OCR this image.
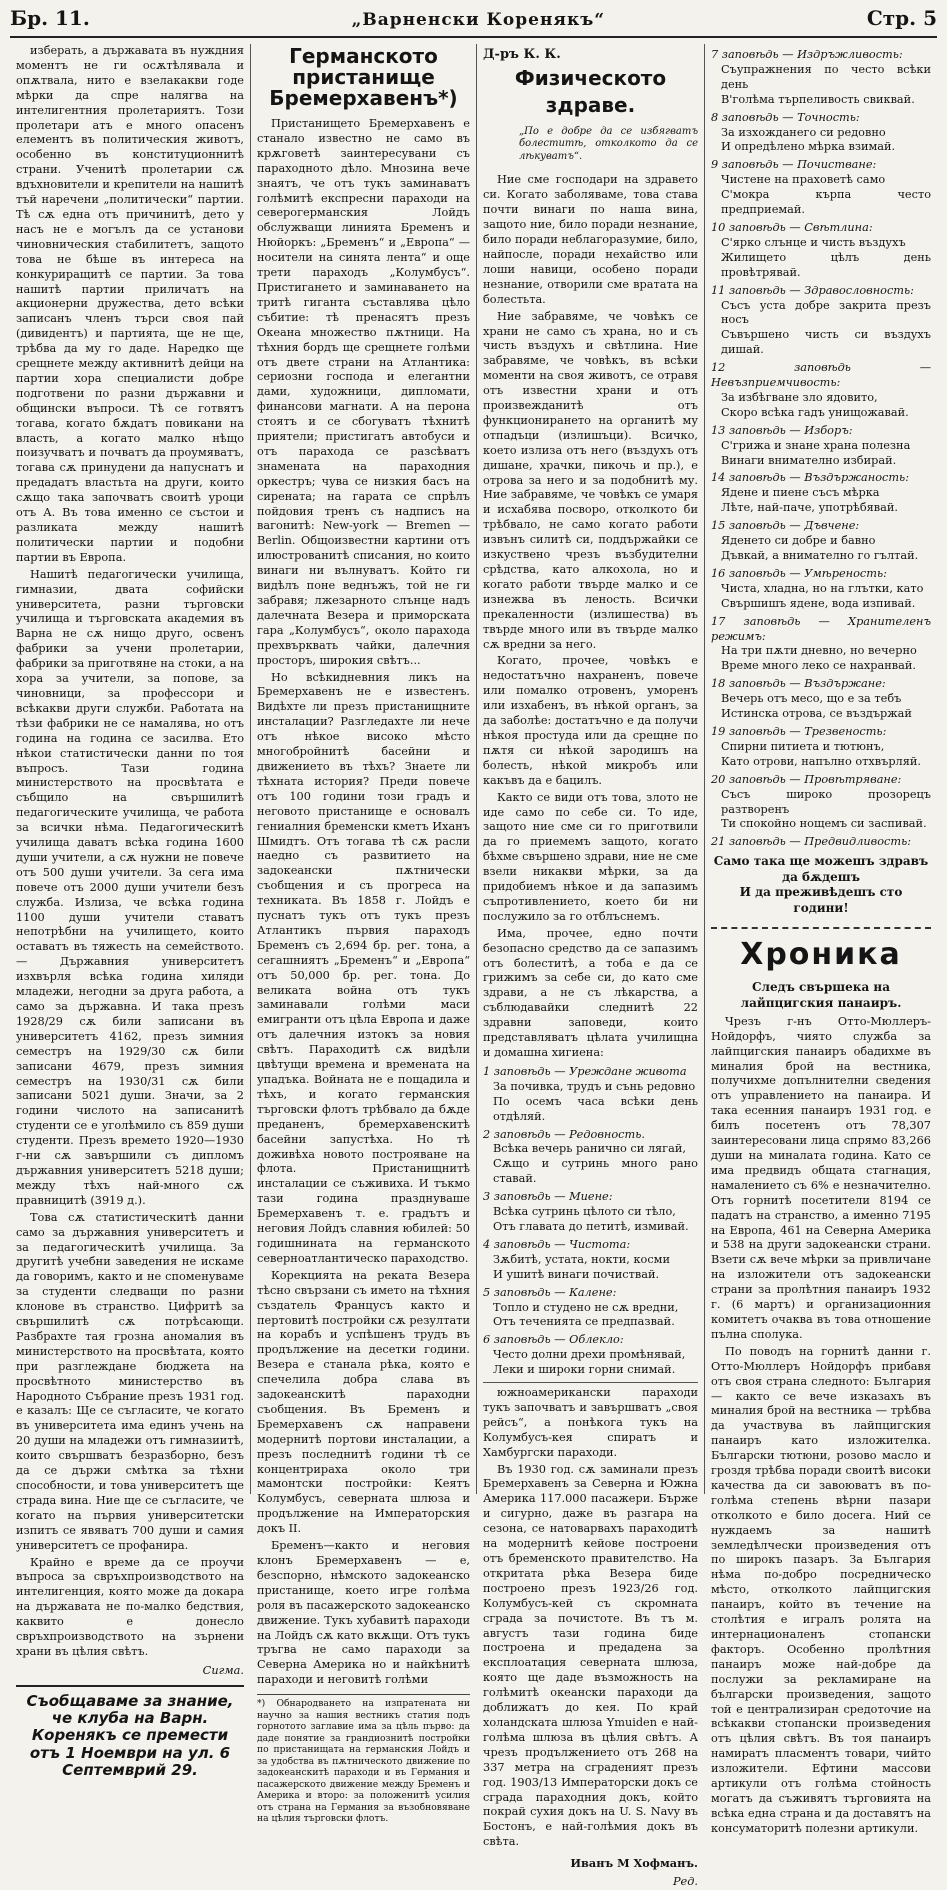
Бр. 11.	„Варненски Коренякъ“	Стр. 5

изберать, а държавата въ нуждния моментъ не ги осѫтѣлявала и опѫтвала, нито е взелакакви годе мѣрки да спре налягва на интелигентния пролетариятъ. Този пролетари атъ е много опасенъ елементъ въ политическия животъ, особенно въ конституционнитѣ страни. Ученитѣ пролетарии сѫ вдъхновители и крепители на нашитѣ тъй наречени „политически“ партии. Тѣ сѫ една отъ причинитѣ, дето у насъ не е могълъ да се установи чиновническия стабилитетъ, защото това не бѣше въ интереса на конкуриращитѣ се партии. За това нашитѣ партии приличатъ на акционерни дружества, дето всѣки записанъ членъ търси своя пай (дивидентъ) и партията, ще не ще, трѣбва да му го даде. Наредко ще срещнете между активнитѣ дейци на партии хора специалисти добре подготвени по разни държавни и общински въпроси. Тѣ се готвятъ тогава, когато бѫдатъ повикани на власть, а когато малко нѣщо поизучватъ и почватъ да проумяватъ, тогава сѫ принудени да напуснатъ и предадатъ властьта на други, които сѫщо така започватъ своитѣ уроци отъ А. Въ това именно се състои и разликата между нашитѣ политически партии и подобни партии въ Европа.

Нашитѣ педагогически училища, гимназии, двата софийски университета, разни търговски училища и търговската академия въ Варна не сѫ нищо друго, освенъ фабрики за учени пролетарии, фабрики за приготвяне на стоки, а на хора за учители, за попове, за чиновници, за профессори и всѣкакви други служби. Работата на тѣзи фабрики не се намалява, но отъ година на година се засилва. Ето нѣкои статистически данни по тоя въпросъ. Тази година министерството на просвѣтата е събщило на свършилитѣ педагогическите училища, че работа за всички нѣма. Педагогическитѣ училища даватъ всѣка година 1600 души учители, а сѫ нужни не повече отъ 500 души учители. За сега има повече отъ 2000 души учители безъ служба. Излиза, че всѣка година 1100 души учители ставатъ непотрѣбни на училището, които оставатъ въ тяжесть на семейството. — Държавния университетъ изхвърля всѣка година хиляди младежи, негодни за друга работа, а само за държавна. И така презъ 1928/29 сѫ били записани въ университетъ 4162, презъ зимния семестръ на 1929/30 сѫ били записани 4679, презъ зимния семестръ на 1930/31 сѫ били записани 5021 души. Значи, за 2 години числото на записанитѣ студенти се е уголѣмило съ 859 души студенти. Презъ времето 1920—1930 г-ни сѫ завършили съ дипломъ държавния университетъ 5218 души; между тѣхъ най-много сѫ правницитѣ (3919 д.).

Това сѫ статистическитѣ данни само за държавния университетъ и за педагогическитѣ училища. За другитѣ учебни заведения не искаме да говоримъ, както и не споменуваме за студенти следващи по разни клонове въ странство. Цифритѣ за свършилитѣ сѫ потрѣсающи. Разбрахте тая грозна аномалия въ министерството на просвѣтата, която при разглеждане бюджета на просвѣтното министерство въ Народното Събрание презъ 1931 год. е казалъ: Ще се съгласите, че когато въ университета има единъ учень на 20 души на младежи отъ гимназиитѣ, които свършватъ безразборно, безъ да се държи смѣтка за тѣхни способности, и това университетъ ще страда вина. Ние ще се съгласите, че когато на първия университетски изпитъ се явяватъ 700 души и самия университетъ се профанира.

Крайно е време да се проучи въпроса за свръхпроизводството на интелигенция, която може да докара на държавата не по-малко бедствия, каквито е донесло свръхпроизводството на зърнени храни въ цѣлия свѣтъ.

Сигма.
Съобщаваме за знание, че клуба на Варн. Коренякъ се премести отъ 1 Ноември на ул. 6 Септемврий 29.
Германското пристанище Бремерхавенъ*)

Пристанището Бремерхавенъ е станало известно не само въ крѫговетѣ заинтересувани съ параходното дѣло. Мнозина вече знаятъ, че отъ тукъ заминаватъ голѣмитѣ експресни параходи на северогерманския Лойдъ обслужващи линията Бременъ и Нюйоркъ: „Бременъ“ и „Европа“ — носители на синята лента“ и още трети параходъ „Колумбусъ“. Пристигането и заминаването на тритѣ гиганта съставлява цѣло събитие: тѣ пренасятъ презъ Океана множество пѫтници. На тѣхния бордъ ще срещнете голѣми отъ двете страни на Атлантика: сериозни господа и елегантни дами, художници, дипломати, финансови магнати. А на перона стоятъ и се сбогуватъ тѣхнитѣ приятели; пристигатъ автобуси и отъ парахода се разсѣватъ знамената на параходния оркестръ; чува се низкия басъ на сирената; на гарата се спрѣлъ пойдовия тренъ съ надписъ на вагонитѣ: New-york — Bremen — Berlin. Общоизвестни картини отъ илюстрованитѣ списания, но които винаги ни вълнуватъ. Който ги видѣлъ поне веднъжъ, той не ги забравя; лжезарното слънце надъ далечната Везера и приморската гара „Колумбусъ“, около парахода прехвърквать чайки, далечния просторъ, широкия свѣтъ...

Но всѣкидневния ликъ на Бремерхавенъ не е известенъ. Видѣхте ли презъ пристанищните инсталации? Разгледахте ли нече отъ нѣкое високо мѣсто многобройнитѣ басейни и движението въ тѣхъ? Знаете ли тѣхната история? Преди повече отъ 100 години този градъ и неговото пристанище е основалъ гениалния бременски кметъ Иханъ Шмидтъ. Отъ тогава тѣ сѫ расли наедно съ развитието на задокеански пѫтнически съобщения и съ прогреса на техниката. Въ 1858 г. Лойдъ е пуснатъ тукъ отъ тукъ презъ Атлантикъ първия параходъ Бременъ съ 2,694 бр. рег. тона, а сегашниятъ „Бременъ“ и „Европа“ отъ 50,000 бр. рег. тона. До великата война отъ тукъ заминавали голѣми маси емигранти отъ цѣла Европа и даже отъ далечния изтокъ за новия свѣтъ. Параходитѣ сѫ видѣли цвѣтущи времена и времената на упадъка. Войната не е пощадила и тѣхъ, и когато германския търговски флотъ трѣбвало да бѫде преданенъ, бремерхавенскитѣ басейни запустѣха. Но тѣ доживѣха новото построяване на флота. Пристанищнитѣ инсталации се съживиха. И тъкмо тази година празднуваше Бремерхавенъ т. е. градътъ и неговия Лойдъ славния юбилей: 50 годишнината на германското северноатлантическо параходство.

Корекцията на реката Везера тѣсно свързани съ името на тѣхния създатель Францусъ както и пертовитѣ постройки сѫ резултати на корабъ и успѣшенъ трудъ въ продължение на десетки години. Везера е станала рѣка, която е спечелила добра слава въ задокеанскитѣ параходни съобщения. Въ Бременъ и Бремерхавенъ сѫ направени модернитѣ портови инсталации, а презъ последнитѣ години тѣ се концентрираха около три мамонтски постройки: Кеятъ Колумбусъ, северната шлюза и продължение на Императорския докъ II.

Бременъ—както и неговия клонъ Бремерхавенъ — е, безспорно, нѣмското задокеанско пристанище, което игре голѣма роля въ пасажерското задокеанско движение. Тукъ хубавитѣ параходи на Лойдъ сѫ като вкѫщи. Отъ тукъ тръгва не само параходи за Северна Америка но и найкѣнитѣ параходи и неговитѣ голѣми

*) Обнародването на изпратената ни научно за нашия вестникъ статия подъ горнотото заглавие има за цѣль първо: да даде понятие за грандиознитѣ постройки по пристанищата на германския Лойдъ и за удобства въ пѫтническото движение по задокеанскитѣ параходи и въ Германия и пасажерското движение между Бременъ и Америка и второ: за положенитѣ усилия отъ страна на Германия за възобновяване на цѣлия търговски флотъ.
Д-ръ К. К.
Физическото здраве.
„По е добре да се избягватъ болеститѣ, отколкото да се лѣкуватъ“.

Ние сме господари на здравето си. Когато заболяваме, това става почти винаги по наша вина, защото ние, било поради незнание, било поради неблагоразумие, било, найпосле, поради нехайство или лоши навици, особено поради незнание, отворили сме вратата на болестьта.

Ние забравяме, че човѣкъ се храни не само съ храна, но и съ чисть въздухъ и свѣтлина. Ние забравяме, че човѣкъ, въ всѣки моменти на своя животъ, се отравя отъ известни храни и отъ произвежданитѣ отъ функционирането на органитѣ му отпадъци (излишъци). Всичко, което излиза отъ него (въздухъ отъ дишане, храчки, пикочь и пр.), е отрова за него и за подобнитѣ му. Ние забравяме, че човѣкъ се умаря и исхабява посворо, отколкото би трѣбвало, не само когато работи извънъ силитѣ си, поддържайки се изкуствено чрезъ възбудителни срѣдства, като алкохола, но и когато работи твърде малко и се изнежва въ леность. Всички прекаленности (излишества) въ твърде много или въ твърде малко сѫ вредни за него.

Когато, прочее, човѣкъ е недостатъчно нахраненъ, повече или помалко отровенъ, уморенъ или изхабенъ, въ нѣкой органъ, за да заболѣе: достатъчно е да получи нѣкоя простуда или да срещне по пѫтя си нѣкой зародишъ на болесть, нѣкой микробъ или какъвъ да е бацилъ.

Както се види отъ това, злото не иде само по себе си. То иде, защото ние сме си го приготвили да го приемемъ защото, когато бѣхме свършено здрави, ние не сме взели никакви мѣрки, за да придобиемъ нѣкое и да запазимъ съпротивлението, което би ни послужило за го отблъснемъ.

Има, прочее, едно почти безопасно средство да се запазимъ отъ болеститѣ, а тоба е да се грижимъ за себе си, до като сме здрави, а не съ лѣкарства, а съблюдавайки следнитѣ 22 здравни заповеди, които представляватъ цѣлата училищна и домашна хигиена:

1 заповѣдь — Уреждане живота
За почивка, трудъ и сънь редовно
По осемъ часа всѣки день отдѣляй.
2 заповѣдь — Редовность.
Всѣка вечерь ранично си лягай,
Сѫщо и сутринь много рано ставай.
3 заповѣдь — Миене:
Всѣка сутринь цѣлото си тѣло,
Отъ главата до петитѣ, измивай.
4 заповѣдь — Чистота:
Зѫбитѣ, устата, нокти, косми
И ушитѣ винаги почиствай.
5 заповѣдь — Калене:
Топло и студено не сѫ вредни,
Отъ теченията се предпазвай.
6 заповѣдь — Облекло:
Често долни дрехи промѣнявай,
Леки и широки горни снимай.

южноамерикански параходи тукъ започватъ и завършватъ „своя рейсъ“, а понѣкога тукъ на Колумбусъ-кея спиратъ и Хамбургски параходи.

Въ 1930 год. сѫ заминали презъ Бремерхавенъ за Северна и Южна Америка 117.000 пасажери. Бърже и сигурно, даже въ разгара на сезона, се натоварвахъ параходитѣ на модернитѣ кейове построени отъ бременското правителство. На откритата рѣка Везера биде построено презъ 1923/26 год. Колумбусъ-кей съ скромната сграда за почистоте. Въ тъ м. августъ тази година биде построена и предадена за експлоатация северната шлюза, която ще даде възможность на голѣмитѣ океански параходи да доближатъ до кея. По край холандската шлюза Ymuiden е най-голѣма шлюза въ цѣлия свѣтъ. А чрезъ продължението отъ 268 на 337 метра на сграденият презъ год. 1903/13 Императорски докъ се сграда параходния докъ, който покрай сухия докъ на U. S. Navy въ Бостонъ, е най-голѣмия докъ въ свѣта.

Иванъ М Хофманъ.
Ред.
7 заповѣдь — Издръжливость:
Съупражнения по често всѣки день
В'голѣма търпеливость свиквай.
8 заповѣдь — Точность:
За изхожданего си редовно
И опредѣлено мѣрка взимай.
9 заповѣдь — Почистване:
Чистене на праховетѣ само
С'мокра кърпа често предприемай.
10 заповѣдь — Свѣтлина:
С'ярко слънце и чисть въздухъ
Жилището цѣлъ день провѣтрявай.
11 заповѣдь — Здравословность:
Съсъ уста добре закрита презъ носъ
Съвършено чисть си въздухъ дишай.
12 заповѣдь — Невъзприемчивость:
За избѣгване зло ядовито,
Скоро всѣка гадъ унищожавай.
13 заповѣдь — Изборъ:
С'грижа и знане храна полезна
Винаги внимателно избирай.
14 заповѣдь — Въздържаность:
Ядене и пиене съсъ мѣрка
Лѣте, най-паче, употрѣбявай.
15 заповѣдь — Дъвчене:
Яденето си добре и бавно
Дъвкай, а внимателно го гълтай.
16 заповѣдь — Умѣреность:
Чиста, хладна, но на глътки, като
Свършишъ ядене, вода изпивай.
17 заповѣдь — Хранителенъ режимъ:
На три пѫти дневно, но вечерно
Време много леко се нахранвай.
18 заповѣдь — Въздържане:
Вечерь отъ месо, що е за тебъ
Истинска отрова, се въздържай
19 заповѣдь — Трезвеность:
Спирни питиета и тютюнъ,
Като отрови, напълно отхвърляй.
20 заповѣдь — Провѣтряване:
Съсъ широко прозорецъ разтворенъ
Ти спокойно нощемъ си заспивай.
21 заповѣдь — Предвидливость:
Само така ще можешъ здравъ да бѫдешъ
И да преживѣдешъ сто години!
Хроника
Следъ свършека на лайпцигския панаиръ.

Чрезъ г-нъ Отто-Мюллеръ-Нойдорфъ, чиято служба за лайпцигския панаиръ обадихме въ миналия брой на вестника, получихме допълнителни сведения отъ управлението на панаира. И така есенния панаиръ 1931 год. е билъ посетенъ отъ 78,307 заинтересовани лица спрямо 83,266 души на миналата година. Като се има предвидъ общата стагнация, намалението съ 6% е незначително. Отъ горнитѣ посетители 8194 се падатъ на странство, а именно 7195 на Европа, 461 на Северна Америка и 538 на други задокеански страни. Взети сѫ вече мѣрки за привличане на изложители отъ задокеански страни за пролѣтния панаиръ 1932 г. (6 мартъ) и организационния комитетъ очаква въ това отношение пълна сполука.

По поводъ на горнитѣ данни г. Отто-Мюллеръ Нойдорфъ прибавя отъ своя страна следното: България — както се вече изказахъ въ миналия брой на вестника — трѣбва да участвува въ лайпцигския панаиръ като изложителка. Български тютюни, розово масло и гроздя трѣбва поради своитѣ високи качества да си завоюватъ въ по-голѣма степень вѣрни пазари отколкото е било досега. Ний се нуждаемъ за нашитѣ земледѣлчески произведения отъ по широкъ пазаръ. За България нѣма по-добро посредническо мѣсто, отколкото лайпцигския панаиръ, който въ течение на столѣтия е игралъ ролята на интернационаленъ стопански факторъ. Особенно пролѣтния панаиръ може най-добре да послужи за рекламиране на български произведения, защото той е централизиран средоточие на всѣкакви стопански произведения отъ цѣлия свѣтъ. Въ тоя панаиръ намиратъ пласментъ товари, чийто изложители. Ефтини массови артикули отъ голѣма стойность могатъ да съживятъ търговията на всѣка една страна и да доставятъ на консуматоритѣ полезни артикули.
